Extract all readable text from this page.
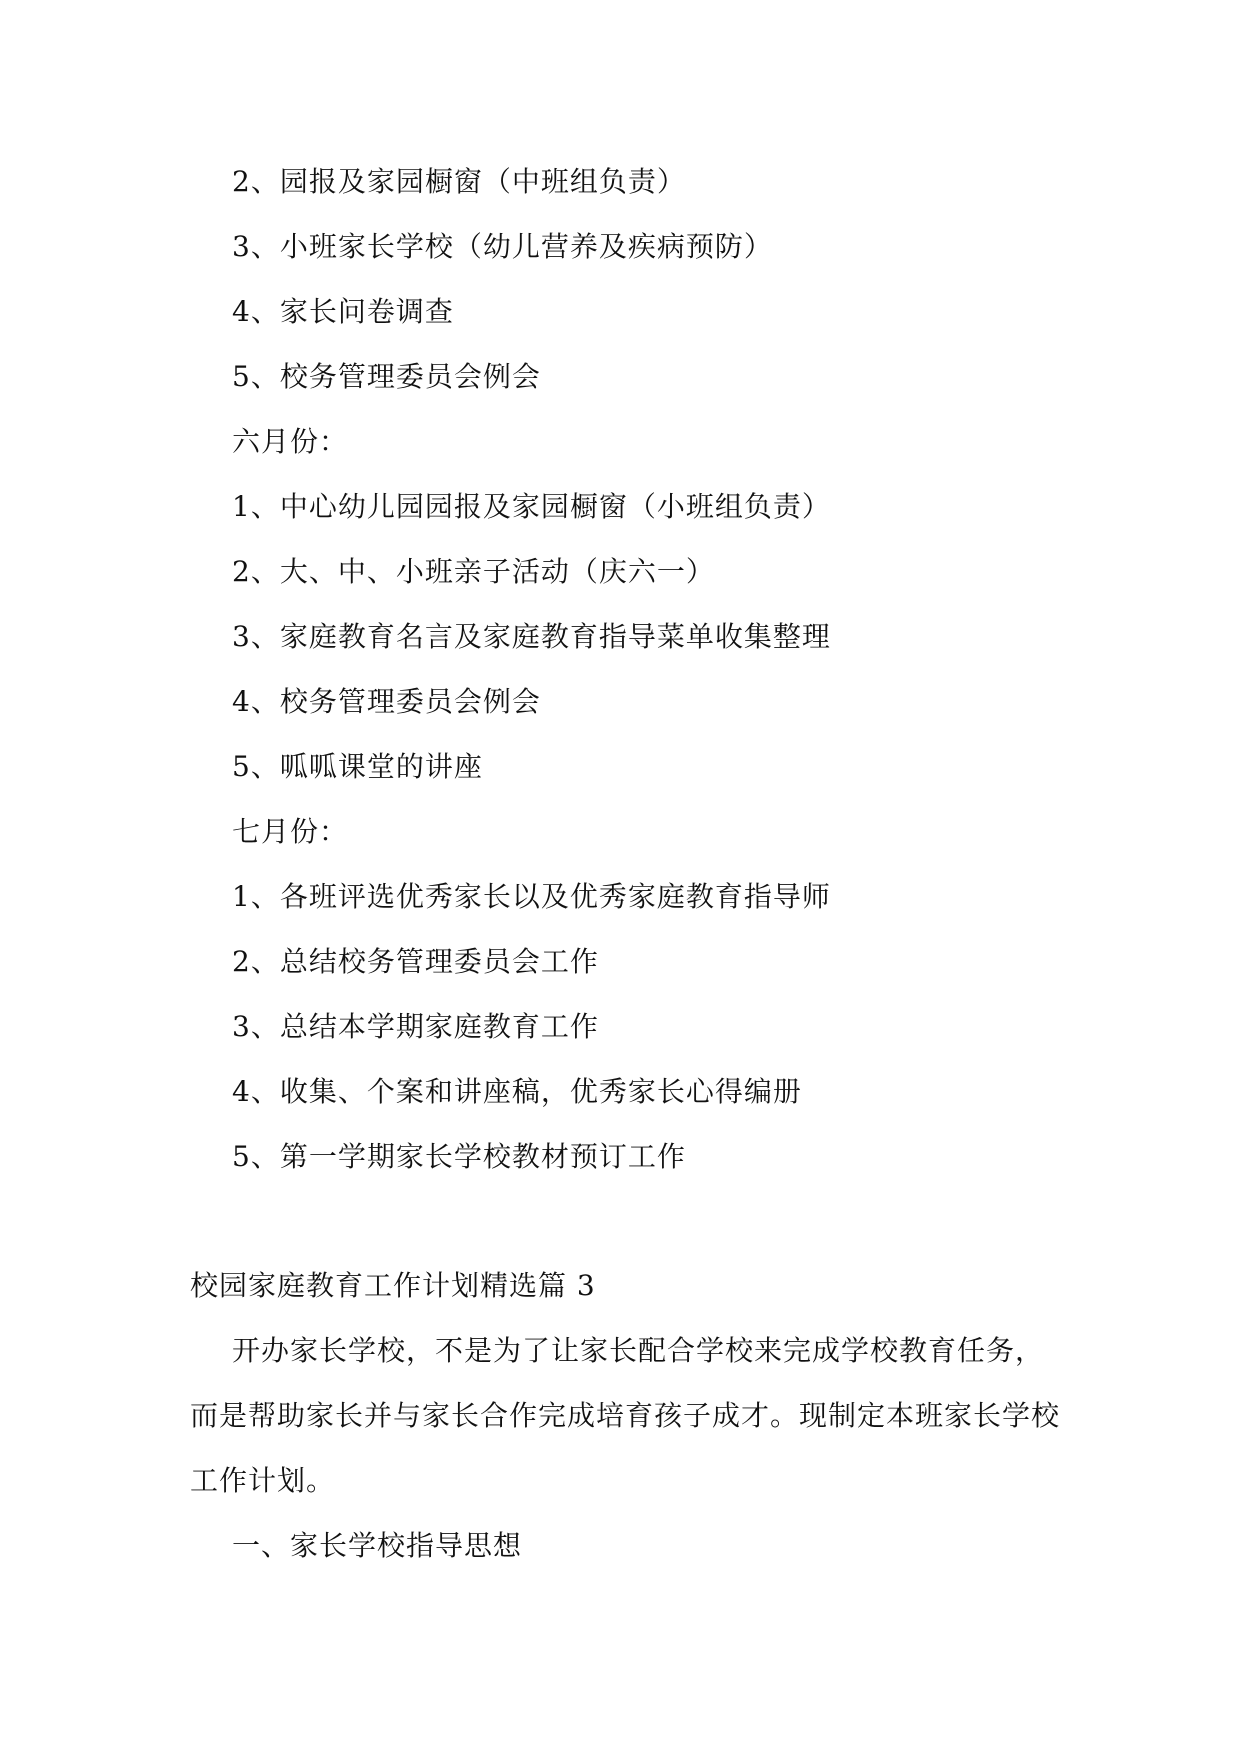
2、园报及家园橱窗（中班组负责）
3、小班家长学校（幼儿营养及疾病预防）
4、家长问卷调查
5、校务管理委员会例会
六月份：
1、中心幼儿园园报及家园橱窗（小班组负责）
2、大、中、小班亲子活动（庆六一）
3、家庭教育名言及家庭教育指导菜单收集整理
4、校务管理委员会例会
5、呱呱课堂的讲座
七月份：
1、各班评选优秀家长以及优秀家庭教育指导师
2、总结校务管理委员会工作
3、总结本学期家庭教育工作
4、收集、个案和讲座稿，优秀家长心得编册
5、第一学期家长学校教材预订工作
校园家庭教育工作计划精选篇 3
开办家长学校，不是为了让家长配合学校来完成学校教育任务，
而是帮助家长并与家长合作完成培育孩子成才。现制定本班家长学校
工作计划。
一、家长学校指导思想
